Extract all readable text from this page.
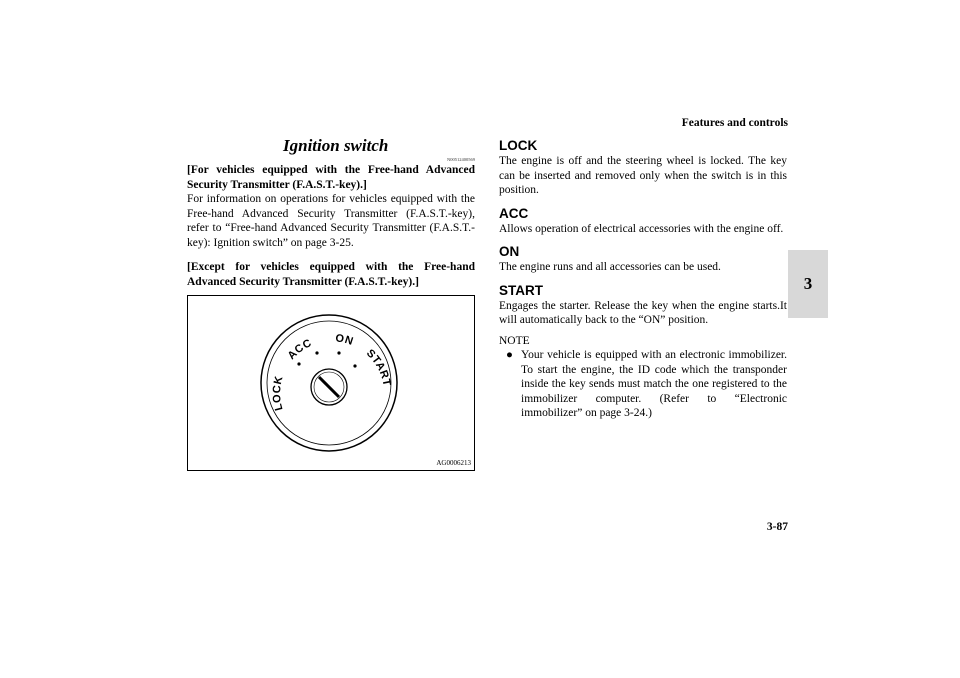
Features and controls
3
3-87
Ignition switch
N00512400569

[For vehicles equipped with the Free-hand Advanced Security Transmitter (F.A.S.T.-key).]

For information on operations for vehicles equipped with the Free-hand Advanced Security Transmitter (F.A.S.T.-key), refer to “Free-hand Advanced Security Transmitter (F.A.S.T.-key): Ignition switch” on page 3-25.

[Except for vehicles equipped with the Free-hand Advanced Security Transmitter (F.A.S.T.-key).]

LOCK
ACC ON
START
AG0006213
LOCK

The engine is off and the steering wheel is locked. The key can be inserted and removed only when the switch is in this position.

ACC

Allows operation of electrical accessories with the engine off.

ON

The engine runs and all accessories can be used.

START

Engages the starter. Release the key when the engine starts.It will automatically back to the “ON” position.

NOTE
● Your vehicle is equipped with an electronic immobilizer. To start the engine, the ID code which the transponder inside the key sends must match the one registered to the immobilizer computer. (Refer to “Electronic immobilizer” on page 3-24.)
